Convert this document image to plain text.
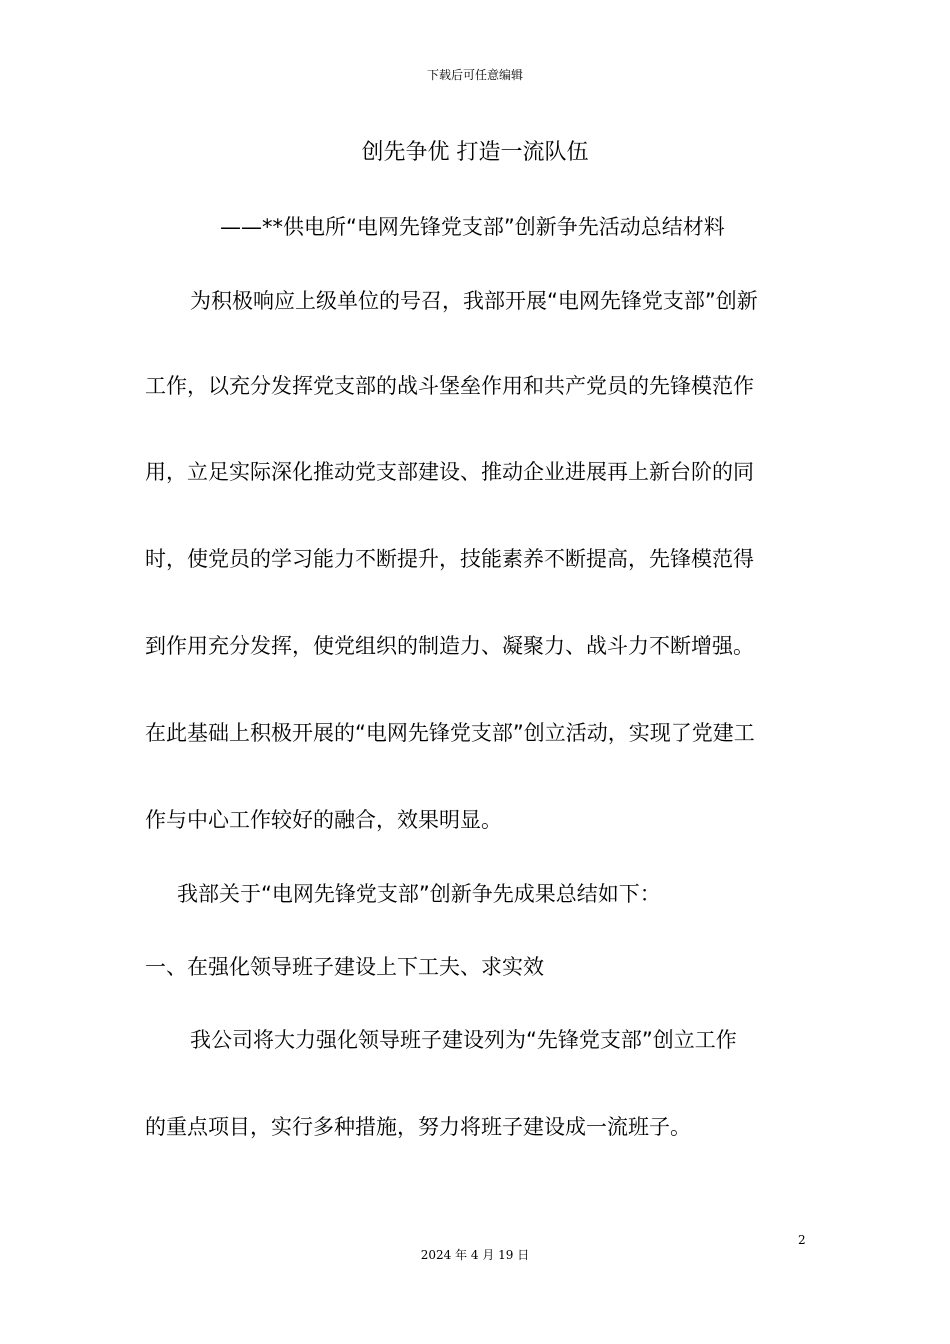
下载后可任意编辑
创先争优 打造一流队伍
——**供电所“电网先锋党支部”创新争先活动总结材料
为积极响应上级单位的号召，我部开展“电网先锋党支部”创新
工作，以充分发挥党支部的战斗堡垒作用和共产党员的先锋模范作
用，立足实际深化推动党支部建设、推动企业进展再上新台阶的同
时，使党员的学习能力不断提升，技能素养不断提高，先锋模范得
到作用充分发挥，使党组织的制造力、凝聚力、战斗力不断增强。
在此基础上积极开展的“电网先锋党支部”创立活动，实现了党建工
作与中心工作较好的融合，效果明显。
我部关于“电网先锋党支部”创新争先成果总结如下：
一、在强化领导班子建设上下工夫、求实效
我公司将大力强化领导班子建设列为“先锋党支部”创立工作
的重点项目，实行多种措施，努力将班子建设成一流班子。
2
2024 年 4 月 19 日
